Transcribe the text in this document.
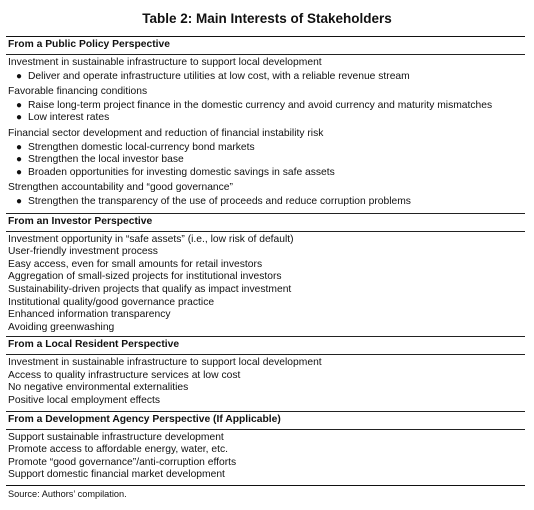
Table 2: Main Interests of Stakeholders
From a Public Policy Perspective
Investment in sustainable infrastructure to support local development
● Deliver and operate infrastructure utilities at low cost, with a reliable revenue stream
Favorable financing conditions
● Raise long-term project finance in the domestic currency and avoid currency and maturity mismatches
● Low interest rates
Financial sector development and reduction of financial instability risk
● Strengthen domestic local-currency bond markets
● Strengthen the local investor base
● Broaden opportunities for investing domestic savings in safe assets
Strengthen accountability and “good governance”
● Strengthen the transparency of the use of proceeds and reduce corruption problems
From an Investor Perspective
Investment opportunity in “safe assets” (i.e., low risk of default)
User-friendly investment process
Easy access, even for small amounts for retail investors
Aggregation of small-sized projects for institutional investors
Sustainability-driven projects that qualify as impact investment
Institutional quality/good governance practice
Enhanced information transparency
Avoiding greenwashing
From a Local Resident Perspective
Investment in sustainable infrastructure to support local development
Access to quality infrastructure services at low cost
No negative environmental externalities
Positive local employment effects
From a Development Agency Perspective (If Applicable)
Support sustainable infrastructure development
Promote access to affordable energy, water, etc.
Promote “good governance”/anti-corruption efforts
Support domestic financial market development
Source: Authors’ compilation.
